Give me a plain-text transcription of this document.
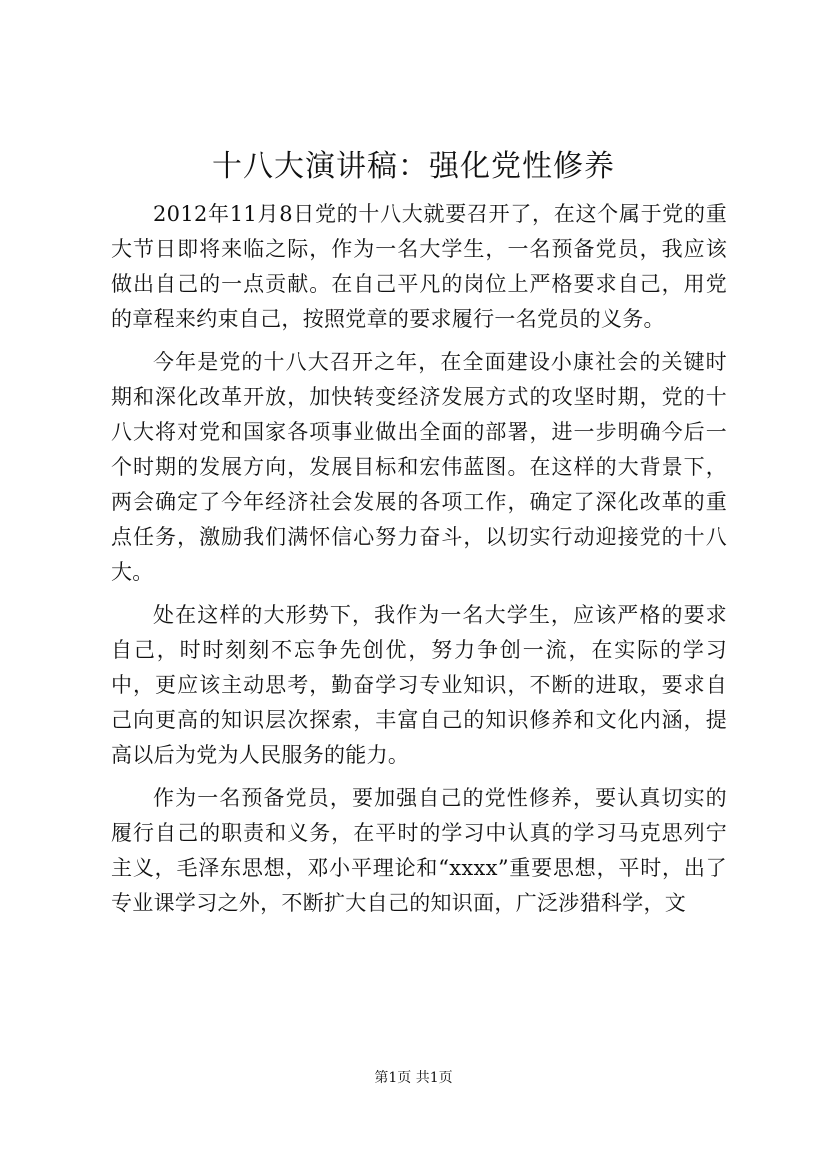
十八大演讲稿：强化党性修养

2012年11月8日党的十八大就要召开了，在这个属于党的重大节日即将来临之际，作为一名大学生，一名预备党员，我应该做出自己的一点贡献。在自己平凡的岗位上严格要求自己，用党的章程来约束自己，按照党章的要求履行一名党员的义务。

今年是党的十八大召开之年，在全面建设小康社会的关键时期和深化改革开放，加快转变经济发展方式的攻坚时期，党的十八大将对党和国家各项事业做出全面的部署，进一步明确今后一个时期的发展方向，发展目标和宏伟蓝图。在这样的大背景下，两会确定了今年经济社会发展的各项工作，确定了深化改革的重点任务，激励我们满怀信心努力奋斗，以切实行动迎接党的十八大。

处在这样的大形势下，我作为一名大学生，应该严格的要求自己，时时刻刻不忘争先创优，努力争创一流，在实际的学习中，更应该主动思考，勤奋学习专业知识，不断的进取，要求自己向更高的知识层次探索，丰富自己的知识修养和文化内涵，提高以后为党为人民服务的能力。

作为一名预备党员，要加强自己的党性修养，要认真切实的履行自己的职责和义务，在平时的学习中认真的学习马克思列宁主义，毛泽东思想，邓小平理论和“xxxx”重要思想，平时，出了专业课学习之外，不断扩大自己的知识面，广泛涉猎科学，文

第1页 共1页
